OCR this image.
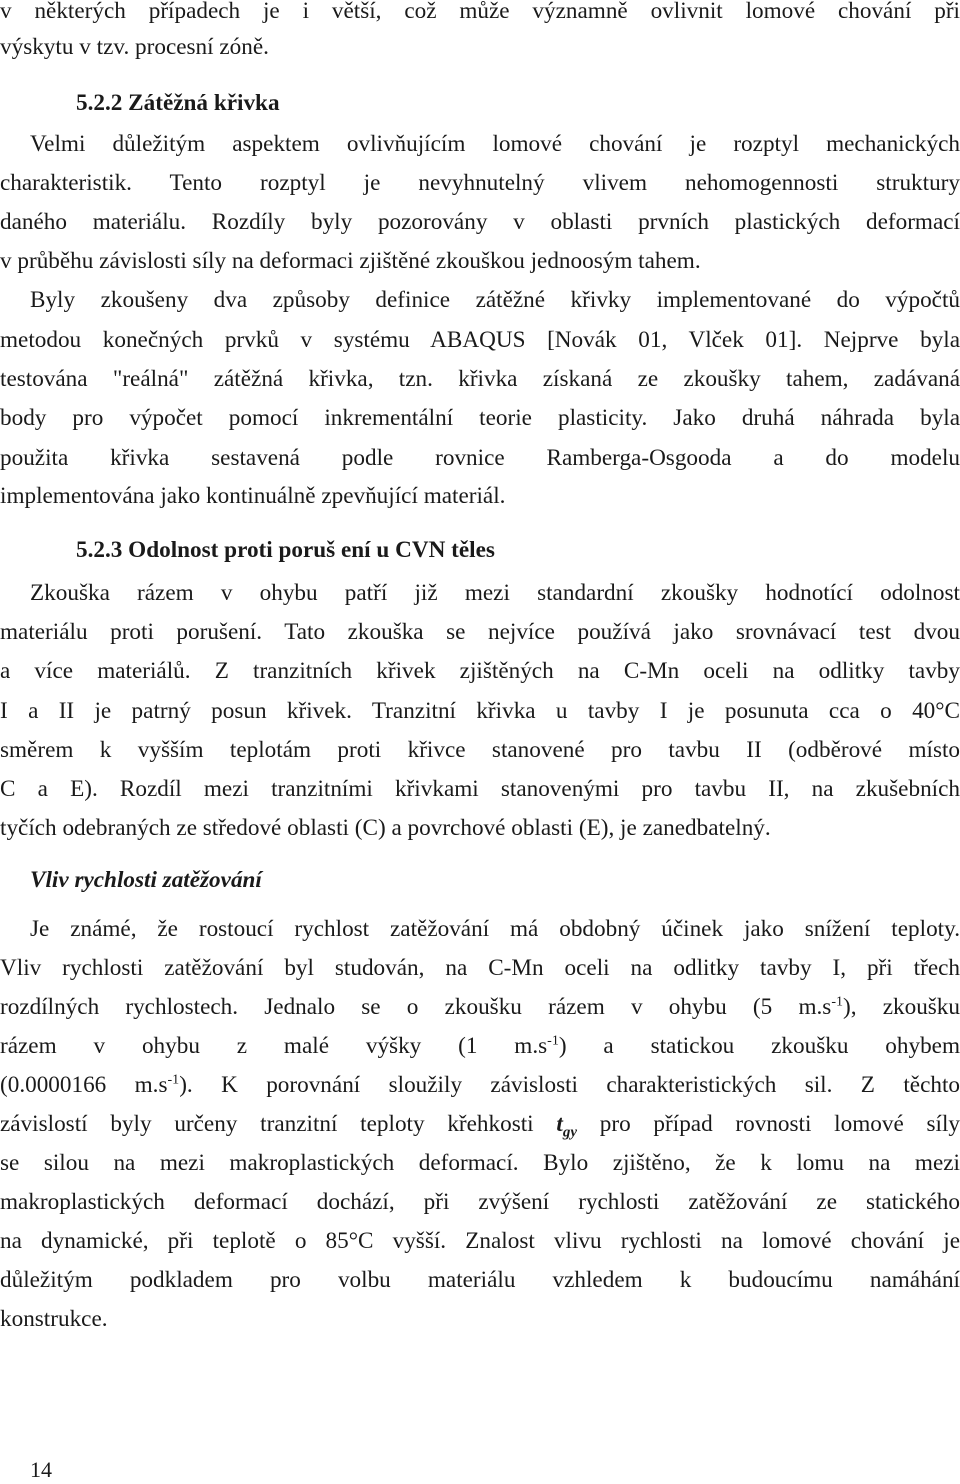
v některých případech je i větší, což může významně ovlivnit lomové chování při
výskytu v tzv. procesní zóně.
5.2.2 Zátěžná křivka
Velmi důležitým aspektem ovlivňujícím lomové chování je rozptyl mechanických
charakteristik. Tento rozptyl je nevyhnutelný vlivem nehomogennosti struktury
daného materiálu. Rozdíly byly pozorovány v oblasti prvních plastických deformací
v průběhu závislosti síly na deformaci zjištěné zkouškou jednoosým tahem.
Byly zkoušeny dva způsoby definice zátěžné křivky implementované do výpočtů
metodou konečných prvků v systému ABAQUS [Novák 01, Vlček 01]. Nejprve byla
testována "reálná" zátěžná křivka, tzn. křivka získaná ze zkoušky tahem, zadávaná
body pro výpočet pomocí inkrementální teorie plasticity. Jako druhá náhrada byla
použita křivka sestavená podle rovnice Ramberga-Osgooda a do modelu
implementována jako kontinuálně zpevňující materiál.
5.2.3 Odolnost proti poruš ení u CVN těles
Zkouška rázem v ohybu patří již mezi standardní zkoušky hodnotící odolnost
materiálu proti porušení. Tato zkouška se nejvíce používá jako srovnávací test dvou
a více materiálů. Z tranzitních křivek zjištěných na C-Mn oceli na odlitky tavby
I a II je patrný posun křivek. Tranzitní křivka u tavby I je posunuta cca o 40°C
směrem k vyšším teplotám proti křivce stanovené pro tavbu II (odběrové místo
C a E). Rozdíl mezi tranzitními křivkami stanovenými pro tavbu II, na zkušebních
tyčích odebraných ze středové oblasti (C) a povrchové oblasti (E), je zanedbatelný.
Vliv rychlosti zatěžování
Je známé, že rostoucí rychlost zatěžování má obdobný účinek jako snížení teploty.
Vliv rychlosti zatěžování byl studován, na C-Mn oceli na odlitky tavby I, při třech
rozdílných rychlostech. Jednalo se o zkoušku rázem v ohybu (5 $m.s^{-1}$), zkoušku
rázem v ohybu z malé výšky (1 $m.s^{-1}$) a statickou zkoušku ohybem
(0.0000166 $m.s^{-1}$). K porovnání sloužily závislosti charakteristických sil. Z těchto
závislostí byly určeny tranzitní teploty křehkosti $t_{gy}$ pro případ rovnosti lomové síly
se silou na mezi makroplastických deformací. Bylo zjištěno, že k lomu na mezi
makroplastických deformací dochází, při zvýšení rychlosti zatěžování ze statického
na dynamické, při teplotě o 85°C vyšší. Znalost vlivu rychlosti na lomové chování je
důležitým podkladem pro volbu materiálu vzhledem k budoucímu namáhání
konstrukce.
14
